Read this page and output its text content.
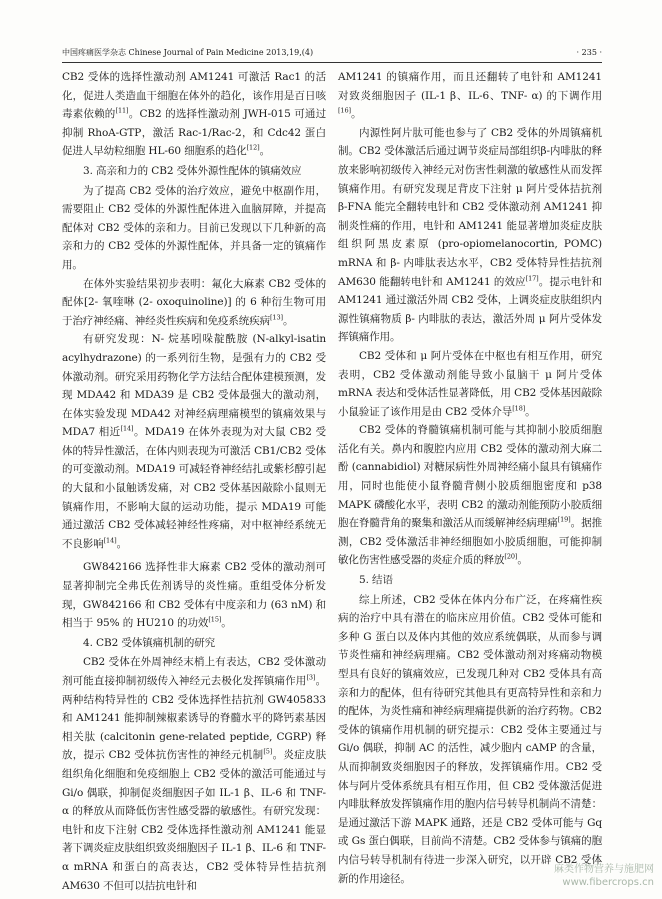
中国疼痛医学杂志 Chinese Journal of Pain Medicine 2013,19,(4)	· 235 ·

CB2 受体的选择性激动剂 AM1241 可激活 Rac1 的活化，促进人类造血干细胞在体外的趋化，该作用是百日咳毒素依赖的[11]。CB2 的选择性激动剂 JWH-015 可通过抑制 RhoA-GTP，激活 Rac-1/Rac-2，和 Cdc42 蛋白促进人早幼粒细胞 HL-60 细胞系的趋化[12]。

3. 高亲和力的 CB2 受体外源性配体的镇痛效应

为了提高 CB2 受体的治疗效应，避免中枢副作用，需要阻止 CB2 受体的外源性配体进入血脑屏障，并提高配体对 CB2 受体的亲和力。目前已发现以下几种新的高亲和力的 CB2 受体的外源性配体，并具备一定的镇痛作用。

在体外实验结果初步表明：氟化大麻素 CB2 受体的配体[2- 氧喹啉 (2- oxoquinoline)] 的 6 种衍生物可用于治疗神经痛、神经炎性疾病和免疫系统疾病[13]。

有研究发现：N- 烷基吲哚靛酰胺 (N-alkyl-isatin acylhydrazone) 的一系列衍生物，是强有力的 CB2 受体激动剂。研究采用药物化学方法结合配体建模预测，发现 MDA42 和 MDA39 是 CB2 受体最强大的激动剂，在体实验发现 MDA42 对神经病理痛模型的镇痛效果与 MDA7 相近[14]。MDA19 在体外表现为对大鼠 CB2 受体的特异性激活，在体内则表现为可激活 CB1/CB2 受体的可变激动剂。MDA19 可减轻脊神经结扎或紫杉醇引起的大鼠和小鼠触诱发痛，对 CB2 受体基因敲除小鼠则无镇痛作用，不影响大鼠的运动功能，提示 MDA19 可能通过激活 CB2 受体减轻神经性疼痛，对中枢神经系统无不良影响[14]。

GW842166 选择性非大麻素 CB2 受体的激动剂可显著抑制完全弗氏佐剂诱导的炎性痛。重组受体分析发现，GW842166 和 CB2 受体有中度亲和力 (63 nM) 和相当于 95% 的 HU210 的功效[15]。

4. CB2 受体镇痛机制的研究

CB2 受体在外周神经末梢上有表达，CB2 受体激动剂可能直接抑制初级传入神经元去极化发挥镇痛作用[3]。两种结构特异性的 CB2 受体选择性拮抗剂 GW405833 和 AM1241 能抑制辣椒素诱导的脊髓水平的降钙素基因相关肽 (calcitonin gene-related peptide, CGRP) 释放，提示 CB2 受体抗伤害性的神经元机制[5]。炎症皮肤组织角化细胞和免疫细胞上 CB2 受体的激活可能通过与 Gi/o 偶联，抑制促炎细胞因子如 IL-1 β、IL-6 和 TNF- α 的释放从而降低伤害性感受器的敏感性。有研究发现：电针和皮下注射 CB2 受体选择性激动剂 AM1241 能显著下调炎症皮肤组织致炎细胞因子 IL-1 β、IL-6 和 TNF- α mRNA 和蛋白的高表达，CB2 受体特异性拮抗剂 AM630 不但可以拮抗电针和

AM1241 的镇痛作用，而且还翻转了电针和 AM1241 对致炎细胞因子 (IL-1 β、IL-6、TNF- α) 的下调作用[16]。

内源性阿片肽可能也参与了 CB2 受体的外周镇痛机制。CB2 受体激活后通过调节炎症局部组织β-内啡肽的释放来影响初级传入神经元对伤害性刺激的敏感性从而发挥镇痛作用。有研究发现足背皮下注射 μ 阿片受体拮抗剂 β-FNA 能完全翻转电针和 CB2 受体激动剂 AM1241 抑制炎性痛的作用，电针和 AM1241 能显著增加炎症皮肤组织阿黑皮素原 (pro-opiomelanocortin, POMC) mRNA 和 β- 内啡肽表达水平，CB2 受体特异性拮抗剂 AM630 能翻转电针和 AM1241 的效应[17]。提示电针和 AM1241 通过激活外周 CB2 受体，上调炎症皮肤组织内源性镇痛物质 β- 内啡肽的表达，激活外周 μ 阿片受体发挥镇痛作用。

CB2 受体和 μ 阿片受体在中枢也有相互作用，研究表明，CB2 受体激动剂能导致小鼠脑干 μ 阿片受体 mRNA 表达和受体活性显著降低，用 CB2 受体基因敲除小鼠验证了该作用是由 CB2 受体介导[18]。

CB2 受体的脊髓镇痛机制可能与其抑制小胶质细胞活化有关。鼻内和腹腔内应用 CB2 受体的激动剂大麻二酚 (cannabidiol) 对糖尿病性外周神经痛小鼠具有镇痛作用，同时也能使小鼠脊髓背侧小胶质细胞密度和 p38 MAPK 磷酸化水平，表明 CB2 的激动剂能预防小胶质细胞在脊髓背角的聚集和激活从而缓解神经病理痛[19]。据推测，CB2 受体激活非神经细胞如小胶质细胞，可能抑制敏化伤害性感受器的炎症介质的释放[20]。

5. 结语

综上所述，CB2 受体在体内分布广泛，在疼痛性疾病的治疗中具有潜在的临床应用价值。CB2 受体可能和多种 G 蛋白以及体内其他的效应系统偶联，从而参与调节炎性痛和神经病理痛。CB2 受体激动剂对疼痛动物模型具有良好的镇痛效应，已发现几种对 CB2 受体具有高亲和力的配体，但有待研究其他具有更高特异性和亲和力的配体，为炎性痛和神经病理痛提供新的治疗药物。CB2 受体的镇痛作用机制的研究提示：CB2 受体主要通过与 Gi/o 偶联，抑制 AC 的活性，减少胞内 cAMP 的含量，从而抑制致炎细胞因子的释放，发挥镇痛作用。CB2 受体与阿片受体系统具有相互作用，但 CB2 受体激活促进内啡肽释放发挥镇痛作用的胞内信号转导机制尚不清楚：是通过激活下游 MAPK 通路，还是 CB2 受体可能与 Gq 或 Gs 蛋白偶联，目前尚不清楚。CB2 受体参与镇痛的胞内信号转导机制有待进一步深入研究，以开辟 CB2 受体新的作用途径。

麻类作物营养与施肥网
www.fibercrops.cn
